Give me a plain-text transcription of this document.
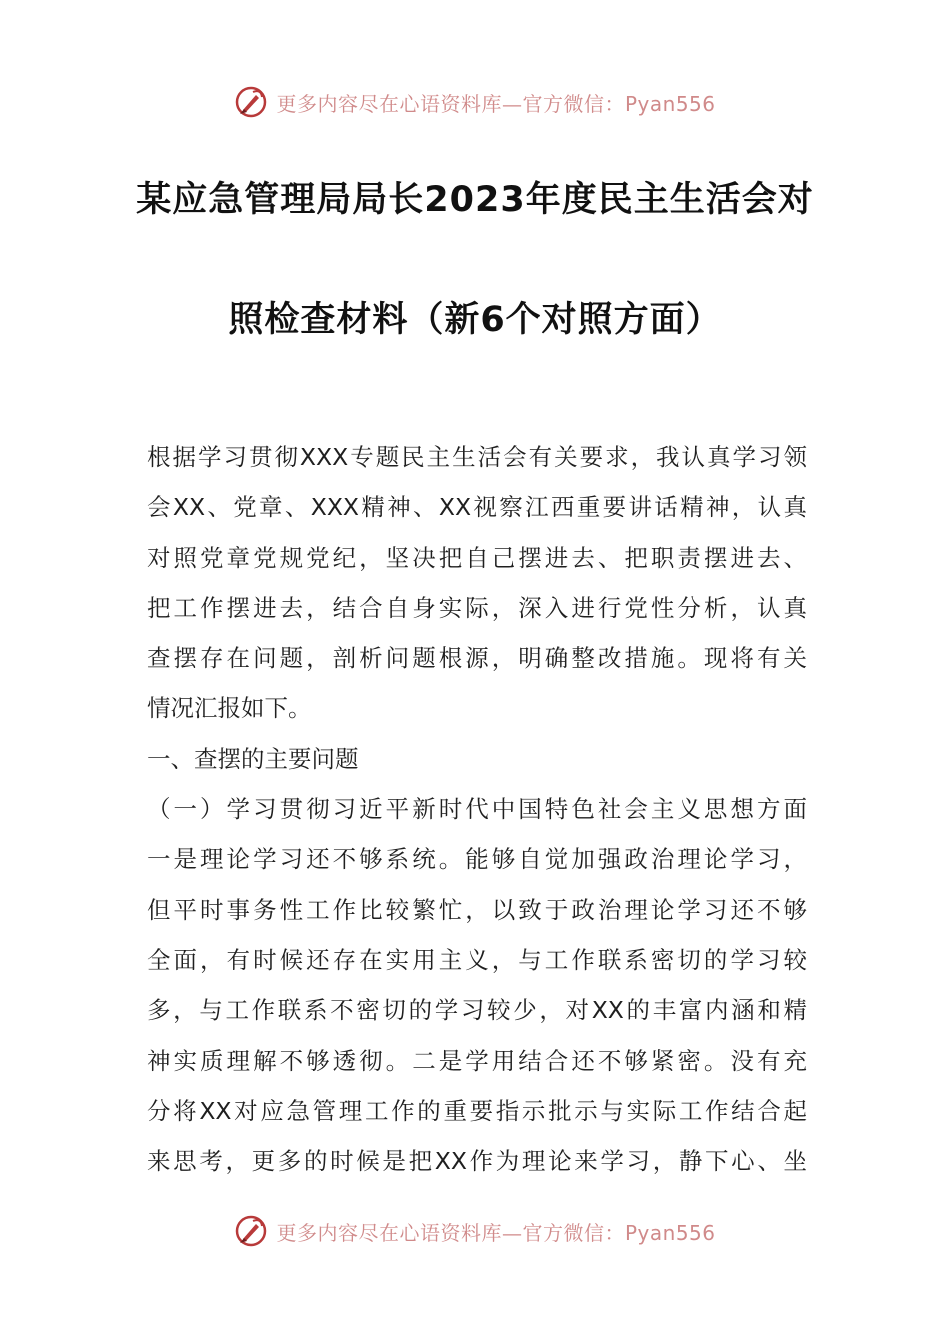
更多内容尽在心语资料库—官方微信：Pyan556
某应急管理局局长2023年度民主生活会对
照检查材料（新6个对照方面）
根据学习贯彻XXX专题民主生活会有关要求，我认真学习领
会XX、党章、XXX精神、XX视察江西重要讲话精神，认真
对照党章党规党纪，坚决把自己摆进去、把职责摆进去、
把工作摆进去，结合自身实际，深入进行党性分析，认真
查摆存在问题，剖析问题根源，明确整改措施。现将有关
情况汇报如下。
一、查摆的主要问题
（一）学习贯彻习近平新时代中国特色社会主义思想方面
一是理论学习还不够系统。能够自觉加强政治理论学习，
但平时事务性工作比较繁忙，以致于政治理论学习还不够
全面，有时候还存在实用主义，与工作联系密切的学习较
多，与工作联系不密切的学习较少，对XX的丰富内涵和精
神实质理解不够透彻。二是学用结合还不够紧密。没有充
分将XX对应急管理工作的重要指示批示与实际工作结合起
来思考，更多的时候是把XX作为理论来学习，静下心、坐
更多内容尽在心语资料库—官方微信：Pyan556
